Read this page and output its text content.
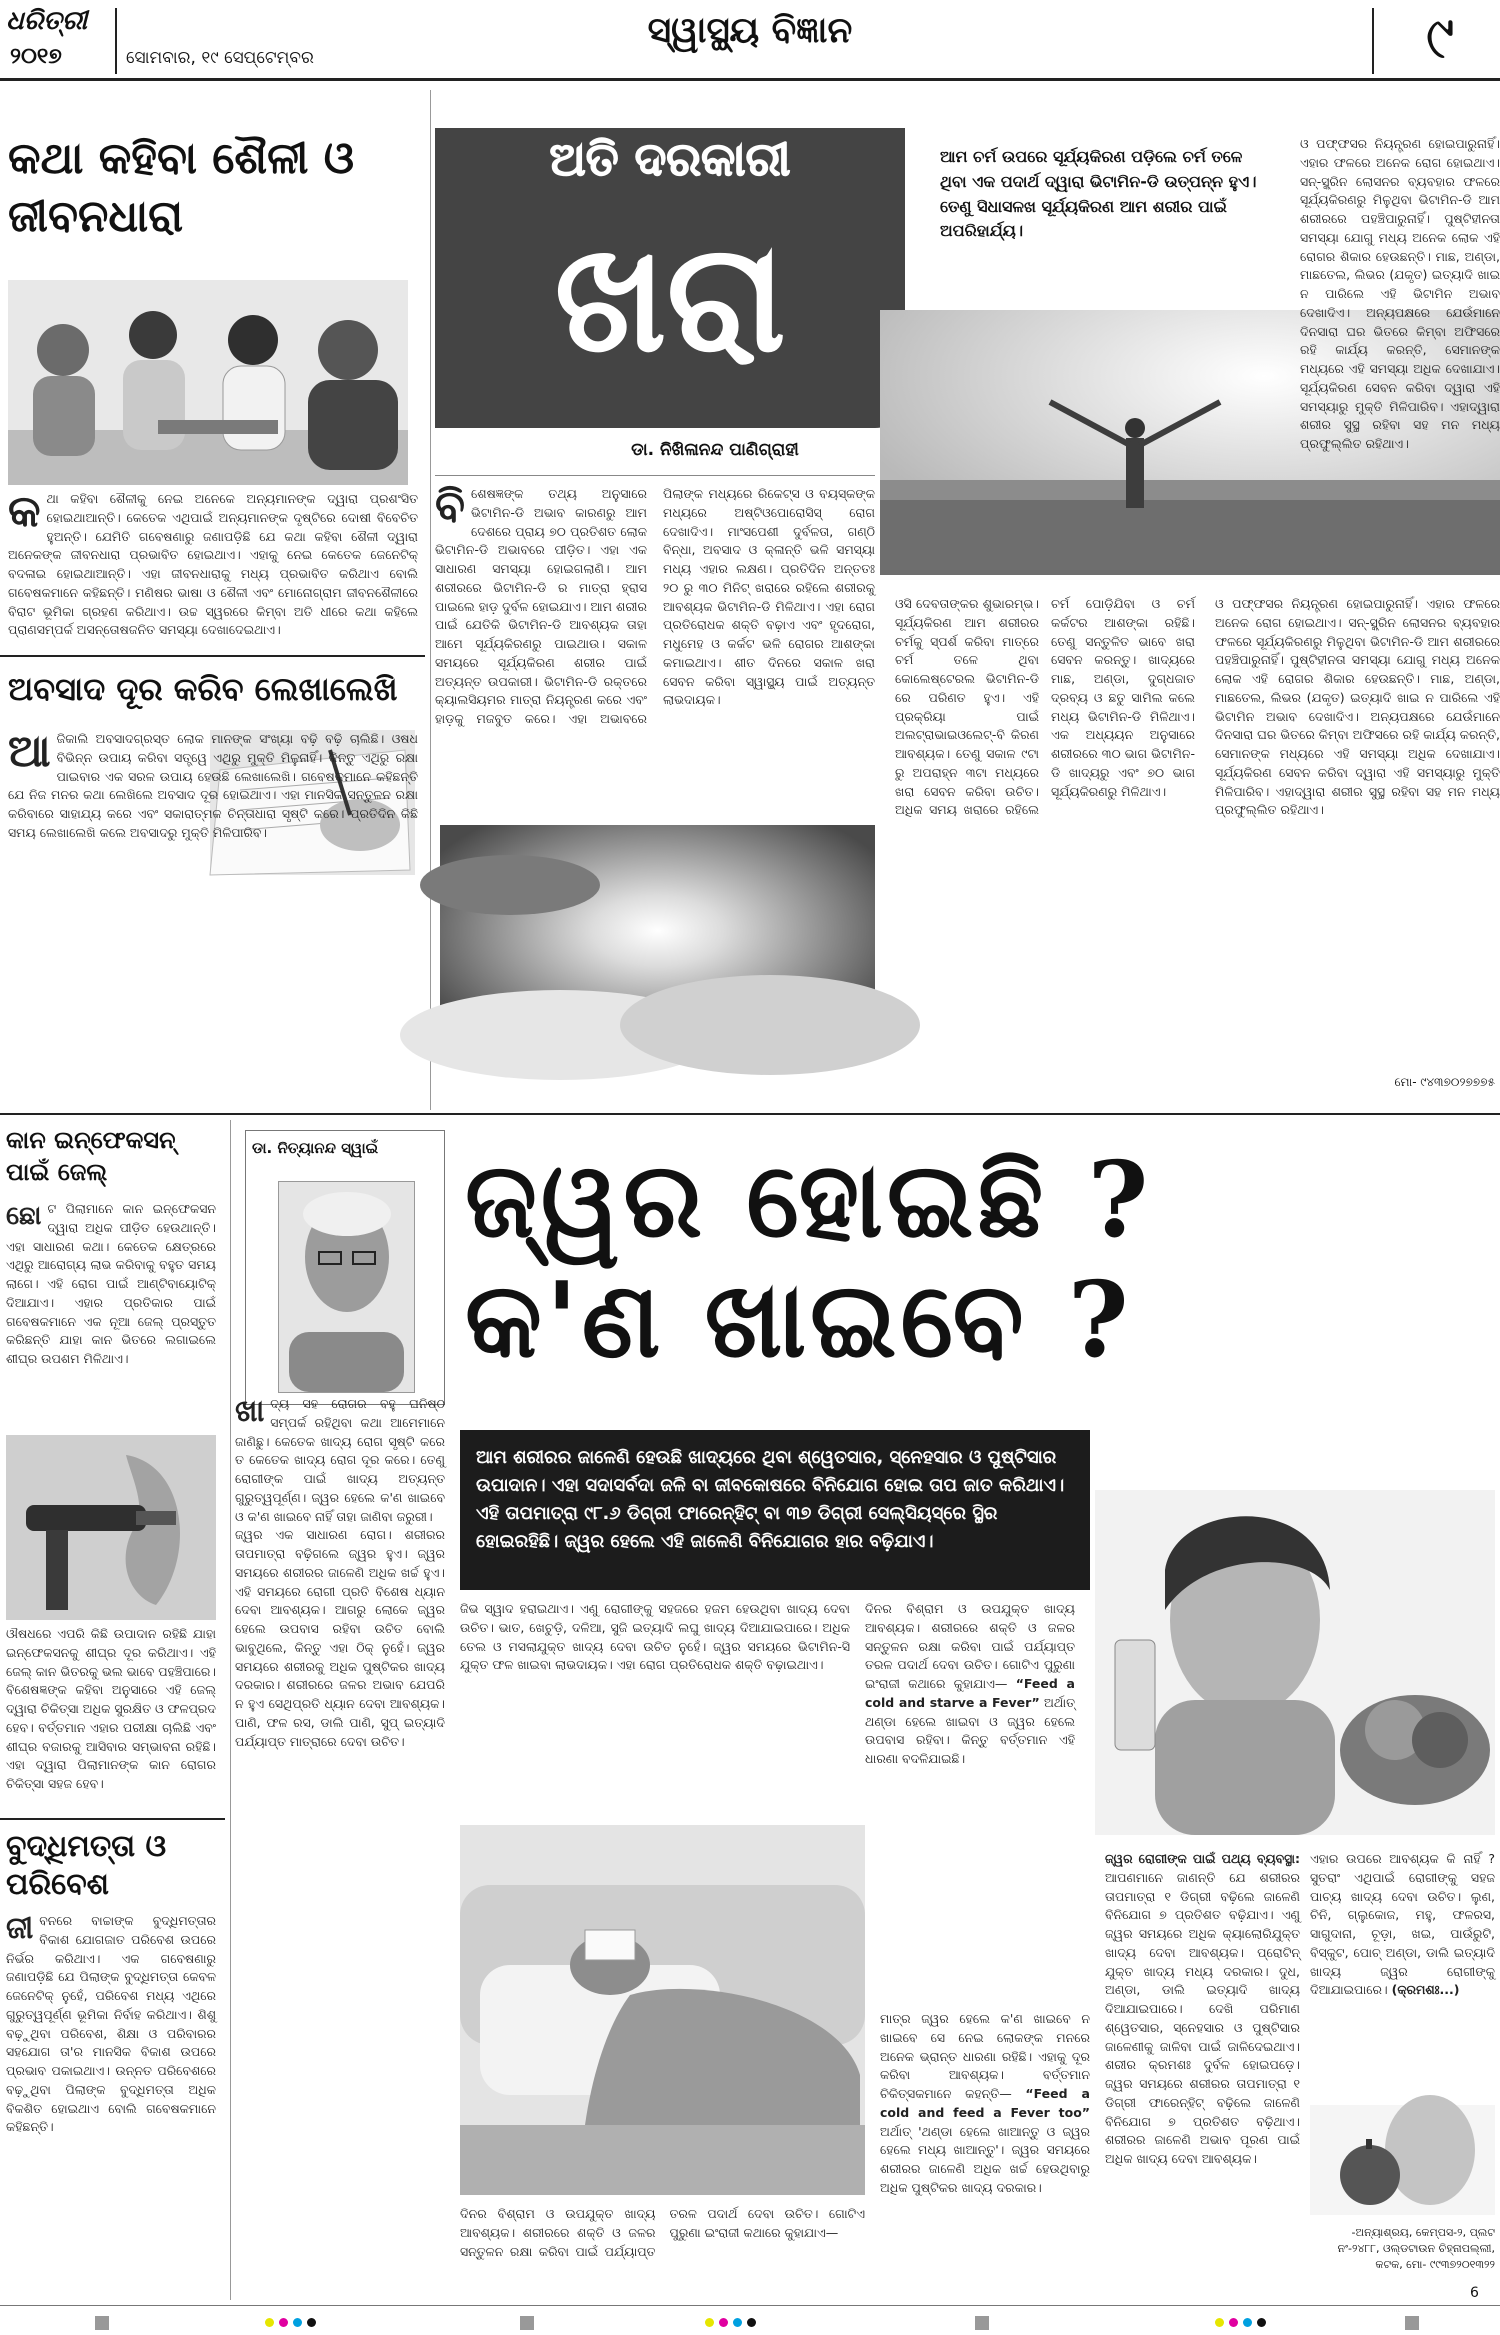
ଧରିତ୍ରୀ
୨୦୧୭	ସୋମବାର, ୧୯ ସେପ୍ଟେମ୍ବର
ସ୍ୱାସ୍ଥ୍ୟ ବିଜ୍ଞାନ	୯
କଥା କହିବା ଶୈଳୀ ଓ ଜୀବନଧାରା
କ ଥା କହିବା ଶୈଳୀକୁ ନେଇ ଅନେକେ ଅନ୍ୟମାନଙ୍କ ଦ୍ୱାରା ପ୍ରଶଂସିତ ହୋଇଥାଆନ୍ତି। କେତେକ ଏଥିପାଇଁ ଅନ୍ୟମାନଙ୍କ ଦୃଷ୍ଟିରେ ଦୋଷୀ ବିବେଚିତ ହୁଅନ୍ତି। ଯେମିତି ଗବେଷଣାରୁ ଜଣାପଡ଼ିଛି ଯେ କଥା କହିବା ଶୈଳୀ ଦ୍ୱାରା ଅନେକଙ୍କ ଜୀବନଧାରା ପ୍ରଭାବିତ ହୋଇଥାଏ। ଏହାକୁ ନେଇ କେତେକ ଜେନେଟିକ୍ ବଦଳାଇ ହୋଇଥାଆନ୍ତି। ଏହା ଜୀବନଧାରାକୁ ମଧ୍ୟ ପ୍ରଭାବିତ କରିଥାଏ ବୋଲି ଗବେଷକମାନେ କହିଛନ୍ତି। ମଣିଷର ଭାଷା ଓ ଶୈଳୀ ଏବଂ ମୋନୋଗ୍ରାମ ଜୀବନଶୈଳୀରେ ବିରାଟ ଭୂମିକା ଗ୍ରହଣ କରିଥାଏ। ଉଚ୍ଚ ସ୍ୱରରେ କିମ୍ବା ଅତି ଧୀରେ କଥା କହିଲେ ପ୍ରାଣସମ୍ପର୍କ ଅସନ୍ତୋଷଜନିତ ସମସ୍ୟା ଦେଖାଦେଇଥାଏ।
ଅବସାଦ ଦୂର କରିବ ଲେଖାଲେଖି
ଆ ଜିକାଲି ଅବସାଦଗ୍ରସ୍ତ ଲୋକ ମାନଙ୍କ ସଂଖ୍ୟା ବଢ଼ି ବଢ଼ି ଚାଲିଛି। ଓଷଧ ବିଭିନ୍ନ ଉପାୟ କରିବା ସତ୍ତ୍ୱେ ଏଥିରୁ ମୁକ୍ତି ମିଳୁନାହିଁ। କିନ୍ତୁ ଏଥିରୁ ରକ୍ଷା ପାଇବାର ଏକ ସରଳ ଉପାୟ ହେଉଛି ଲେଖାଲେଖି। ଗବେଷକମାନେ କହିଛନ୍ତି ଯେ ନିଜ ମନର କଥା ଲେଖିଲେ ଅବସାଦ ଦୂର ହୋଇଥାଏ। ଏହା ମାନସିକ ସନ୍ତୁଳନ ରକ୍ଷା କରିବାରେ ସାହାଯ୍ୟ କରେ ଏବଂ ସକାରାତ୍ମକ ଚିନ୍ତାଧାରା ସୃଷ୍ଟି କରେ। ପ୍ରତିଦିନ କିଛି ସମୟ ଲେଖାଲେଖି କଲେ ଅବସାଦରୁ ମୁକ୍ତି ମିଳିପାରିବ।
ଅତି ଦରକାରୀ
ଖରା
ଆମ ଚର୍ମ ଉପରେ ସୂର୍ଯ୍ୟକିରଣ ପଡ଼ିଲେ ଚର୍ମ ତଳେ ଥିବା ଏକ ପଦାର୍ଥ ଦ୍ୱାରା ଭିଟାମିନ-ଡି ଉତ୍ପନ୍ନ ହୁଏ। ତେଣୁ ସିଧାସଳଖ ସୂର୍ଯ୍ୟକିରଣ ଆମ ଶରୀର ପାଇଁ ଅପରିହାର୍ଯ୍ୟ।
ଡା. ନିଖିଳାନନ୍ଦ ପାଣିଗ୍ରାହୀ
ବି ଶେଷଜ୍ଞଙ୍କ ତଥ୍ୟ ଅନୁସାରେ ଭିଟାମିନ-ଡି ଅଭାବ କାରଣରୁ ଆମ ଦେଶରେ ପ୍ରାୟ ୭୦ ପ୍ରତିଶତ ଲୋକ ଭିଟାମିନ-ଡି ଅଭାବରେ ପୀଡ଼ିତ। ଏହା ଏକ ସାଧାରଣ ସମସ୍ୟା ହୋଇଗଲାଣି। ଆମ ଶରୀରରେ ଭିଟାମିନ-ଡି ର ମାତ୍ରା ହ୍ରାସ ପାଇଲେ ହାଡ଼ ଦୁର୍ବଳ ହୋଇଯାଏ। ଆମ ଶରୀର ପାଇଁ ଯେତିକି ଭିଟାମିନ-ଡି ଆବଶ୍ୟକ ତାହା ଆମେ ସୂର୍ଯ୍ୟକିରଣରୁ ପାଇଥାଉ। ସକାଳ ସମୟରେ ସୂର୍ଯ୍ୟକିରଣ ଶରୀର ପାଇଁ ଅତ୍ୟନ୍ତ ଉପକାରୀ। ଭିଟାମିନ-ଡି ରକ୍ତରେ କ୍ୟାଲସିୟମର ମାତ୍ରା ନିୟନ୍ତ୍ରଣ କରେ ଏବଂ ହାଡ଼କୁ ମଜବୁତ କରେ। ଏହା ଅଭାବରେ ପିଲାଙ୍କ ମଧ୍ୟରେ ରିକେଟ୍ସ ଓ ବୟସ୍କଙ୍କ ମଧ୍ୟରେ ଅଷ୍ଟିଓପୋରୋସିସ୍ ରୋଗ ଦେଖାଦିଏ। ମାଂସପେଶୀ ଦୁର୍ବଳତା, ଗଣ୍ଠି ବିନ୍ଧା, ଅବସାଦ ଓ କ୍ଳାନ୍ତି ଭଳି ସମସ୍ୟା ମଧ୍ୟ ଏହାର ଲକ୍ଷଣ। ପ୍ରତିଦିନ ଅନ୍ତତଃ ୨୦ ରୁ ୩୦ ମିନିଟ୍ ଖରାରେ ରହିଲେ ଶରୀରକୁ ଆବଶ୍ୟକ ଭିଟାମିନ-ଡି ମିଳିଥାଏ। ଏହା ରୋଗ ପ୍ରତିରୋଧକ ଶକ୍ତି ବଢ଼ାଏ ଏବଂ ହୃଦରୋଗ, ମଧୁମେହ ଓ କର୍କଟ ଭଳି ରୋଗର ଆଶଙ୍କା କମାଇଥାଏ। ଶୀତ ଦିନରେ ସକାଳ ଖରା ସେବନ କରିବା ସ୍ୱାସ୍ଥ୍ୟ ପାଇଁ ଅତ୍ୟନ୍ତ ଲାଭଦାୟକ।
ଓସି ଦେବତାଙ୍କର ଶୁଭାରମ୍ଭ। ସୂର୍ଯ୍ୟକିରଣ ଆମ ଶରୀରର ଚର୍ମକୁ ସ୍ପର୍ଶ କରିବା ମାତ୍ରେ ଚର୍ମ ତଳେ ଥିବା କୋଲେଷ୍ଟେରଲ ଭିଟାମିନ-ଡି ରେ ପରିଣତ ହୁଏ। ଏହି ପ୍ରକ୍ରିୟା ପାଇଁ ଅଲଟ୍ରାଭାଇଓଲେଟ୍-ବି କିରଣ ଆବଶ୍ୟକ। ତେଣୁ ସକାଳ ୯ଟା ରୁ ଅପରାହ୍ନ ୩ଟା ମଧ୍ୟରେ ଖରା ସେବନ କରିବା ଉଚିତ। ଅଧିକ ସମୟ ଖରାରେ ରହିଲେ ଚର୍ମ ପୋଡ଼ିଯିବା ଓ ଚର୍ମ କର୍କଟର ଆଶଙ୍କା ରହିଛି। ତେଣୁ ସନ୍ତୁଳିତ ଭାବେ ଖରା ସେବନ କରନ୍ତୁ। ଖାଦ୍ୟରେ ମାଛ, ଅଣ୍ଡା, ଦୁଗ୍ଧଜାତ ଦ୍ରବ୍ୟ ଓ ଛତୁ ସାମିଲ କଲେ ମଧ୍ୟ ଭିଟାମିନ-ଡି ମିଳିଥାଏ। ଏକ ଅଧ୍ୟୟନ ଅନୁସାରେ ଶରୀରରେ ୩୦ ଭାଗ ଭିଟାମିନ-ଡି ଖାଦ୍ୟରୁ ଏବଂ ୭୦ ଭାଗ ସୂର୍ଯ୍ୟକିରଣରୁ ମିଳିଥାଏ।
ଓ ପଫ୍ଫସର ନିୟନ୍ତ୍ରଣ ହୋଇପାରୁନାହିଁ। ଏହାର ଫଳରେ ଅନେକ ରୋଗ ହୋଇଥାଏ। ସନ୍-ସ୍କ୍ରିନ ଲୋସନର ବ୍ୟବହାର ଫଳରେ ସୂର୍ଯ୍ୟକିରଣରୁ ମିଳୁଥିବା ଭିଟାମିନ-ଡି ଆମ ଶରୀରରେ ପହଞ୍ଚିପାରୁନାହିଁ। ପୁଷ୍ଟିହୀନତା ସମସ୍ୟା ଯୋଗୁ ମଧ୍ୟ ଅନେକ ଲୋକ ଏହି ରୋଗର ଶିକାର ହେଉଛନ୍ତି। ମାଛ, ଅଣ୍ଡା, ମାଛତେଲ, ଲିଭର (ଯକୃତ) ଇତ୍ୟାଦି ଖାଇ ନ ପାରିଲେ ଏହି ଭିଟାମିନ ଅଭାବ ଦେଖାଦିଏ। ଅନ୍ୟପକ୍ଷରେ ଯେଉଁମାନେ ଦିନସାରା ଘର ଭିତରେ କିମ୍ବା ଅଫିସରେ ରହି କାର୍ଯ୍ୟ କରନ୍ତି, ସେମାନଙ୍କ ମଧ୍ୟରେ ଏହି ସମସ୍ୟା ଅଧିକ ଦେଖାଯାଏ। ସୂର୍ଯ୍ୟକିରଣ ସେବନ କରିବା ଦ୍ୱାରା ଏହି ସମସ୍ୟାରୁ ମୁକ୍ତି ମିଳିପାରିବ। ଏହାଦ୍ୱାରା ଶରୀର ସୁସ୍ଥ ରହିବା ସହ ମନ ମଧ୍ୟ ପ୍ରଫୁଲ୍ଲିତ ରହିଥାଏ।
ଓ ପଫ୍ଫସର ନିୟନ୍ତ୍ରଣ ହୋଇପାରୁନାହିଁ। ଏହାର ଫଳରେ ଅନେକ ରୋଗ ହୋଇଥାଏ। ସନ୍-ସ୍କ୍ରିନ ଲୋସନର ବ୍ୟବହାର ଫଳରେ ସୂର୍ଯ୍ୟକିରଣରୁ ମିଳୁଥିବା ଭିଟାମିନ-ଡି ଆମ ଶରୀରରେ ପହଞ୍ଚିପାରୁନାହିଁ। ପୁଷ୍ଟିହୀନତା ସମସ୍ୟା ଯୋଗୁ ମଧ୍ୟ ଅନେକ ଲୋକ ଏହି ରୋଗର ଶିକାର ହେଉଛନ୍ତି। ମାଛ, ଅଣ୍ଡା, ମାଛତେଲ, ଲିଭର (ଯକୃତ) ଇତ୍ୟାଦି ଖାଇ ନ ପାରିଲେ ଏହି ଭିଟାମିନ ଅଭାବ ଦେଖାଦିଏ। ଅନ୍ୟପକ୍ଷରେ ଯେଉଁମାନେ ଦିନସାରା ଘର ଭିତରେ କିମ୍ବା ଅଫିସରେ ରହି କାର୍ଯ୍ୟ କରନ୍ତି, ସେମାନଙ୍କ ମଧ୍ୟରେ ଏହି ସମସ୍ୟା ଅଧିକ ଦେଖାଯାଏ। ସୂର୍ଯ୍ୟକିରଣ ସେବନ କରିବା ଦ୍ୱାରା ଏହି ସମସ୍ୟାରୁ ମୁକ୍ତି ମିଳିପାରିବ। ଏହାଦ୍ୱାରା ଶରୀର ସୁସ୍ଥ ରହିବା ସହ ମନ ମଧ୍ୟ ପ୍ରଫୁଲ୍ଲିତ ରହିଥାଏ।
ମୋ- ୯୪୩୭୦୨୭୭୭୫
କାନ ଇନ୍‌ଫେକସନ୍ ପାଇଁ ଜେଲ୍
ଛୋ ଟ ପିଲାମାନେ କାନ ଇନ୍‌ଫେକସନ ଦ୍ୱାରା ଅଧିକ ପୀଡ଼ିତ ହେଉଥାନ୍ତି। ଏହା ସାଧାରଣ କଥା। କେତେକ କ୍ଷେତ୍ରରେ ଏଥିରୁ ଆରୋଗ୍ୟ ଲାଭ କରିବାକୁ ବହୁତ ସମୟ ଲାଗେ। ଏହି ରୋଗ ପାଇଁ ଆଣ୍ଟିବାୟୋଟିକ୍ ଦିଆଯାଏ। ଏହାର ପ୍ରତିକାର ପାଇଁ ଗବେଷକମାନେ ଏକ ନୂଆ ଜେଲ୍ ପ୍ରସ୍ତୁତ କରିଛନ୍ତି ଯାହା କାନ ଭିତରେ ଲଗାଇଲେ ଶୀଘ୍ର ଉପଶମ ମିଳିଥାଏ।
ଔଷଧରେ ଏପରି କିଛି ଉପାଦାନ ରହିଛି ଯାହା ଇନ୍‌ଫେକସନକୁ ଶୀଘ୍ର ଦୂର କରିଥାଏ। ଏହି ଜେଲ୍ କାନ ଭିତରକୁ ଭଲ ଭାବେ ପହଞ୍ଚିପାରେ। ବିଶେଷଜ୍ଞଙ୍କ କହିବା ଅନୁସାରେ ଏହି ଜେଲ୍ ଦ୍ୱାରା ଚିକିତ୍ସା ଅଧିକ ସୁରକ୍ଷିତ ଓ ଫଳପ୍ରଦ ହେବ। ବର୍ତ୍ତମାନ ଏହାର ପରୀକ୍ଷା ଚାଲିଛି ଏବଂ ଶୀଘ୍ର ବଜାରକୁ ଆସିବାର ସମ୍ଭାବନା ରହିଛି। ଏହା ଦ୍ୱାରା ପିଲାମାନଙ୍କ କାନ ରୋଗର ଚିକିତ୍ସା ସହଜ ହେବ।
ବୁଦ୍ଧିମତ୍ତା ଓ ପରିବେଶ
ଜୀ ବନରେ ବାଚ୍ଚାଙ୍କ ବୁଦ୍ଧିମତ୍ତାର ବିକାଶ ଯୋଗଜାତ ପରିବେଶ ଉପରେ ନିର୍ଭର କରିଥାଏ। ଏକ ଗବେଷଣାରୁ ଜଣାପଡ଼ିଛି ଯେ ପିଲାଙ୍କ ବୁଦ୍ଧିମତ୍ତା କେବଳ ଜେନେଟିକ୍ ନୁହେଁ, ପରିବେଶ ମଧ୍ୟ ଏଥିରେ ଗୁରୁତ୍ୱପୂର୍ଣ୍ଣ ଭୂମିକା ନିର୍ବାହ କରିଥାଏ। ଶିଶୁ ବଢ଼ୁଥିବା ପରିବେଶ, ଶିକ୍ଷା ଓ ପରିବାରର ସହଯୋଗ ତା'ର ମାନସିକ ବିକାଶ ଉପରେ ପ୍ରଭାବ ପକାଇଥାଏ। ଉନ୍ନତ ପରିବେଶରେ ବଢ଼ୁଥିବା ପିଲାଙ୍କ ବୁଦ୍ଧିମତ୍ତା ଅଧିକ ବିକଶିତ ହୋଇଥାଏ ବୋଲି ଗବେଷକମାନେ କହିଛନ୍ତି।
ଡା. ନିତ୍ୟାନନ୍ଦ ସ୍ୱାଇଁ ଜ୍ୱର ହୋଇଛି ?
କ'ଣ ଖାଇବେ ?
ଆମ ଶରୀରର ଜାଳେଣି ହେଉଛି ଖାଦ୍ୟରେ ଥିବା ଶ୍ୱେତସାର, ସ୍ନେହସାର ଓ ପୁଷ୍ଟିସାର ଉପାଦାନ। ଏହା ସଦାସର୍ବଦା ଜଳି ବା ଜୀବକୋଷରେ ବିନିଯୋଗ ହୋଇ ତାପ ଜାତ କରିଥାଏ। ଏହି ତାପମାତ୍ରା ୯୮.୬ ଡିଗ୍ରୀ ଫାରେନ୍‌ହିଟ୍ ବା ୩୭ ଡିଗ୍ରୀ ସେଲ୍‌ସିୟସ୍‌ରେ ସ୍ଥିର ହୋଇରହିଛି। ଜ୍ୱର ହେଲେ ଏହି ଜାଳେଣି ବିନିଯୋଗର ହାର ବଢ଼ିଯାଏ।
ଖା ଦ୍ୟ ସହ ରୋଗର ବହୁ ଘନିଷ୍ଠ ସମ୍ପର୍କ ରହିଥିବା କଥା ଆମେମାନେ ଜାଣିଛୁ। କେତେକ ଖାଦ୍ୟ ରୋଗ ସୃଷ୍ଟି କରେ ତ କେତେକ ଖାଦ୍ୟ ରୋଗ ଦୂର କରେ। ତେଣୁ ରୋଗୀଙ୍କ ପାଇଁ ଖାଦ୍ୟ ଅତ୍ୟନ୍ତ ଗୁରୁତ୍ୱପୂର୍ଣ୍ଣ। ଜ୍ୱର ହେଲେ କ'ଣ ଖାଇବେ ଓ କ'ଣ ଖାଇବେ ନାହିଁ ତାହା ଜାଣିବା ଜରୁରୀ।
ଜ୍ୱର ଏକ ସାଧାରଣ ରୋଗ। ଶରୀରର ତାପମାତ୍ରା ବଢ଼ିଗଲେ ଜ୍ୱର ହୁଏ। ଜ୍ୱର ସମୟରେ ଶରୀରର ଜାଳେଣି ଅଧିକ ଖର୍ଚ୍ଚ ହୁଏ। ଏହି ସମୟରେ ରୋଗୀ ପ୍ରତି ବିଶେଷ ଧ୍ୟାନ ଦେବା ଆବଶ୍ୟକ। ଆଗରୁ ଲୋକେ ଜ୍ୱର ହେଲେ ଉପବାସ ରହିବା ଉଚିତ ବୋଲି ଭାବୁଥିଲେ, କିନ୍ତୁ ଏହା ଠିକ୍ ନୁହେଁ। ଜ୍ୱର ସମୟରେ ଶରୀରକୁ ଅଧିକ ପୁଷ୍ଟିକର ଖାଦ୍ୟ ଦରକାର। ଶରୀରରେ ଜଳର ଅଭାବ ଯେପରି ନ ହୁଏ ସେଥିପ୍ରତି ଧ୍ୟାନ ଦେବା ଆବଶ୍ୟକ। ପାଣି, ଫଳ ରସ, ଡାଲି ପାଣି, ସୁପ୍ ଇତ୍ୟାଦି ପର୍ଯ୍ୟାପ୍ତ ମାତ୍ରାରେ ଦେବା ଉଚିତ।
ଜିଭ ସ୍ୱାଦ ହରାଇଥାଏ। ଏଣୁ ରୋଗୀଙ୍କୁ ସହଜରେ ହଜମ ହେଉଥିବା ଖାଦ୍ୟ ଦେବା ଉଚିତ। ଭାତ, ଖେଚୁଡ଼ି, ଦଳିଆ, ସୁଜି ଇତ୍ୟାଦି ଲଘୁ ଖାଦ୍ୟ ଦିଆଯାଇପାରେ। ଅଧିକ ତେଲ ଓ ମସଲାଯୁକ୍ତ ଖାଦ୍ୟ ଦେବା ଉଚିତ ନୁହେଁ। ଜ୍ୱର ସମୟରେ ଭିଟାମିନ-ସି ଯୁକ୍ତ ଫଳ ଖାଇବା ଲାଭଦାୟକ। ଏହା ରୋଗ ପ୍ରତିରୋଧକ ଶକ୍ତି ବଢ଼ାଇଥାଏ।
ଦିନର ବିଶ୍ରାମ ଓ ଉପଯୁକ୍ତ ଖାଦ୍ୟ ଆବଶ୍ୟକ। ଶରୀରରେ ଶକ୍ତି ଓ ଜଳର ସନ୍ତୁଳନ ରକ୍ଷା କରିବା ପାଇଁ ପର୍ଯ୍ୟାପ୍ତ ତରଳ ପଦାର୍ଥ ଦେବା ଉଚିତ। ଗୋଟିଏ ପୁରୁଣା ଇଂରାଜୀ କଥାରେ କୁହାଯାଏ— “Feed a cold and starve a Fever” ଅର୍ଥାତ୍ ଥଣ୍ଡା ହେଲେ ଖାଇବା ଓ ଜ୍ୱର ହେଲେ ଉପବାସ ରହିବା। କିନ୍ତୁ ବର୍ତ୍ତମାନ ଏହି ଧାରଣା ବଦଳିଯାଇଛି।
ମାତ୍ର ଜ୍ୱର ହେଲେ କ'ଣ ଖାଇବେ ନ ଖାଇବେ ସେ ନେଇ ଲୋକଙ୍କ ମନରେ ଅନେକ ଭ୍ରାନ୍ତ ଧାରଣା ରହିଛି। ଏହାକୁ ଦୂର କରିବା ଆବଶ୍ୟକ। ବର୍ତ୍ତମାନ ଚିକିତ୍ସକମାନେ କହନ୍ତି— “Feed a cold and feed a Fever too” ଅର୍ଥାତ୍ 'ଥଣ୍ଡା ହେଲେ ଖାଆନ୍ତୁ ଓ ଜ୍ୱର ହେଲେ ମଧ୍ୟ ଖାଆନ୍ତୁ'। ଜ୍ୱର ସମୟରେ ଶରୀରର ଜାଳେଣି ଅଧିକ ଖର୍ଚ୍ଚ ହେଉଥିବାରୁ ଅଧିକ ପୁଷ୍ଟିକର ଖାଦ୍ୟ ଦରକାର।
ଦିନର ବିଶ୍ରାମ ଓ ଉପଯୁକ୍ତ ଖାଦ୍ୟ ଆବଶ୍ୟକ। ଶରୀରରେ ଶକ୍ତି ଓ ଜଳର ସନ୍ତୁଳନ ରକ୍ଷା କରିବା ପାଇଁ ପର୍ଯ୍ୟାପ୍ତ ତରଳ ପଦାର୍ଥ ଦେବା ଉଚିତ। ଗୋଟିଏ ପୁରୁଣା ଇଂରାଜୀ କଥାରେ କୁହାଯାଏ—
ଜ୍ୱର ରୋଗୀଙ୍କ ପାଇଁ ପଥ୍ୟ ବ୍ୟବସ୍ଥା: ଆପଣମାନେ ଜାଣନ୍ତି ଯେ ଶରୀରର ତାପମାତ୍ରା ୧ ଡିଗ୍ରୀ ବଢ଼ିଲେ ଜାଳେଣି ବିନିଯୋଗ ୭ ପ୍ରତିଶତ ବଢ଼ିଯାଏ। ଏଣୁ ଜ୍ୱର ସମୟରେ ଅଧିକ କ୍ୟାଲୋରିଯୁକ୍ତ ଖାଦ୍ୟ ଦେବା ଆବଶ୍ୟକ। ପ୍ରୋଟିନ୍ ଯୁକ୍ତ ଖାଦ୍ୟ ମଧ୍ୟ ଦରକାର। ଦୁଧ, ଅଣ୍ଡା, ଡାଲି ଇତ୍ୟାଦି ଖାଦ୍ୟ ଦିଆଯାଇପାରେ। ଦେଖି ପରିମାଣ ଶ୍ୱେତସାର, ସ୍ନେହସାର ଓ ପୁଷ୍ଟିସାର ଜାଳେଣୀକୁ ଜାଳିବା ପାଇଁ ଜାଳିଦେଇଥାଏ। ଶରୀର କ୍ରମଶଃ ଦୁର୍ବଳ ହୋଇପଡ଼େ। ଜ୍ୱର ସମୟରେ ଶରୀରର ତାପମାତ୍ରା ୧ ଡିଗ୍ରୀ ଫାରେନ୍‌ହିଟ୍ ବଢ଼ିଲେ ଜାଳେଣି ବିନିଯୋଗ ୭ ପ୍ରତିଶତ ବଢ଼ିଥାଏ। ଶରୀରର ଜାଳେଣି ଅଭାବ ପୂରଣ ପାଇଁ ଅଧିକ ଖାଦ୍ୟ ଦେବା ଆବଶ୍ୟକ।
ଏହାର ଉପରେ ଆବଶ୍ୟକ କି ନାହିଁ ? ସୁତରାଂ ଏଥିପାଇଁ ରୋଗୀଙ୍କୁ ସହଜ ପାଚ୍ୟ ଖାଦ୍ୟ ଦେବା ଉଚିତ। ଲୁଣ, ଚିନି, ଗ୍ଲୁକୋଜ, ମହୁ, ଫଳରସ, ସାଗୁଦାନା, ଚୂଡ଼ା, ଖଇ, ପାଉଁରୁଟି, ବିସ୍କୁଟ, ପୋଚ୍ ଅଣ୍ଡା, ଡାଲି ଇତ୍ୟାଦି ଖାଦ୍ୟ ଜ୍ୱର ରୋଗୀଙ୍କୁ ଦିଆଯାଇପାରେ। (କ୍ରମଶଃ...)
-ଅନ୍ୟାଶ୍ରୟ, କେମ୍ପସ-୨, ପ୍ଲଟ ନଂ-୨୪୮୮, ଓଲ୍ଡଟାଉନ ଚିହ୍ନାପଲ୍ଲୀ, କଟକ, ମୋ- ୯୯୩୭୨୦୧୩୨୨
6
